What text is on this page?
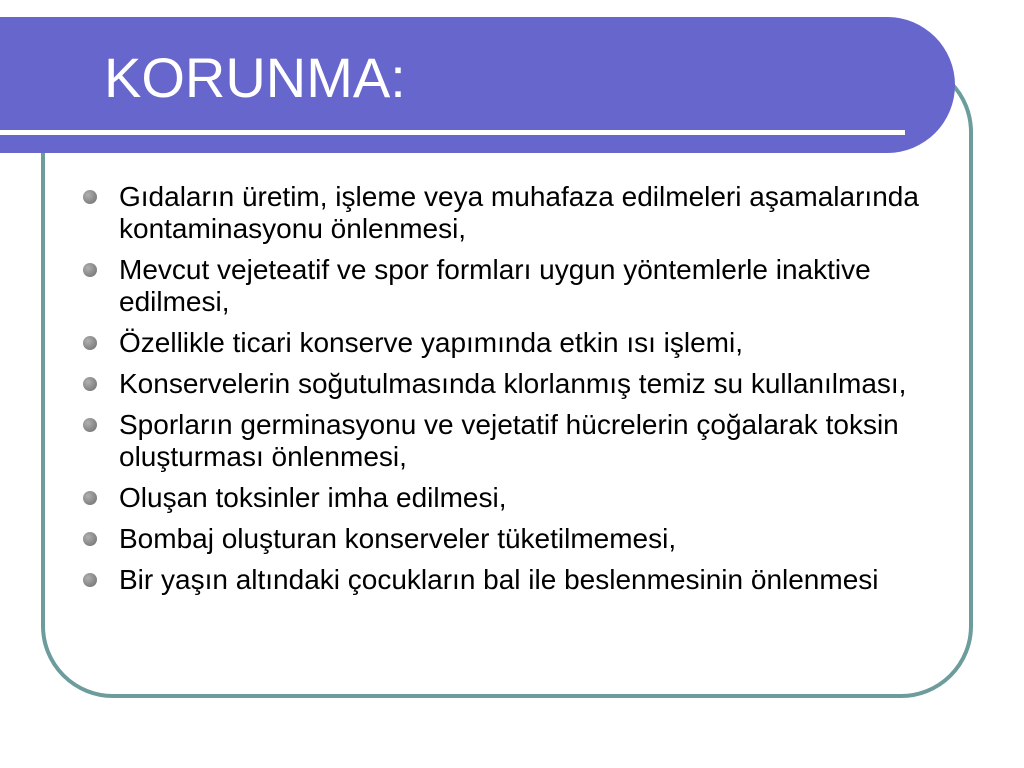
KORUNMA:
Gıdaların üretim, işleme veya muhafaza edilmeleri aşamalarında kontaminasyonu önlenmesi,
Mevcut vejeteatif ve spor formları uygun yöntemlerle inaktive edilmesi,
Özellikle ticari konserve yapımında etkin ısı işlemi,
Konservelerin soğutulmasında klorlanmış temiz su kullanılması,
Sporların germinasyonu ve vejetatif hücrelerin çoğalarak toksin oluşturması önlenmesi,
Oluşan toksinler imha edilmesi,
Bombaj oluşturan konserveler tüketilmemesi,
Bir yaşın altındaki çocukların bal ile beslenmesinin önlenmesi
